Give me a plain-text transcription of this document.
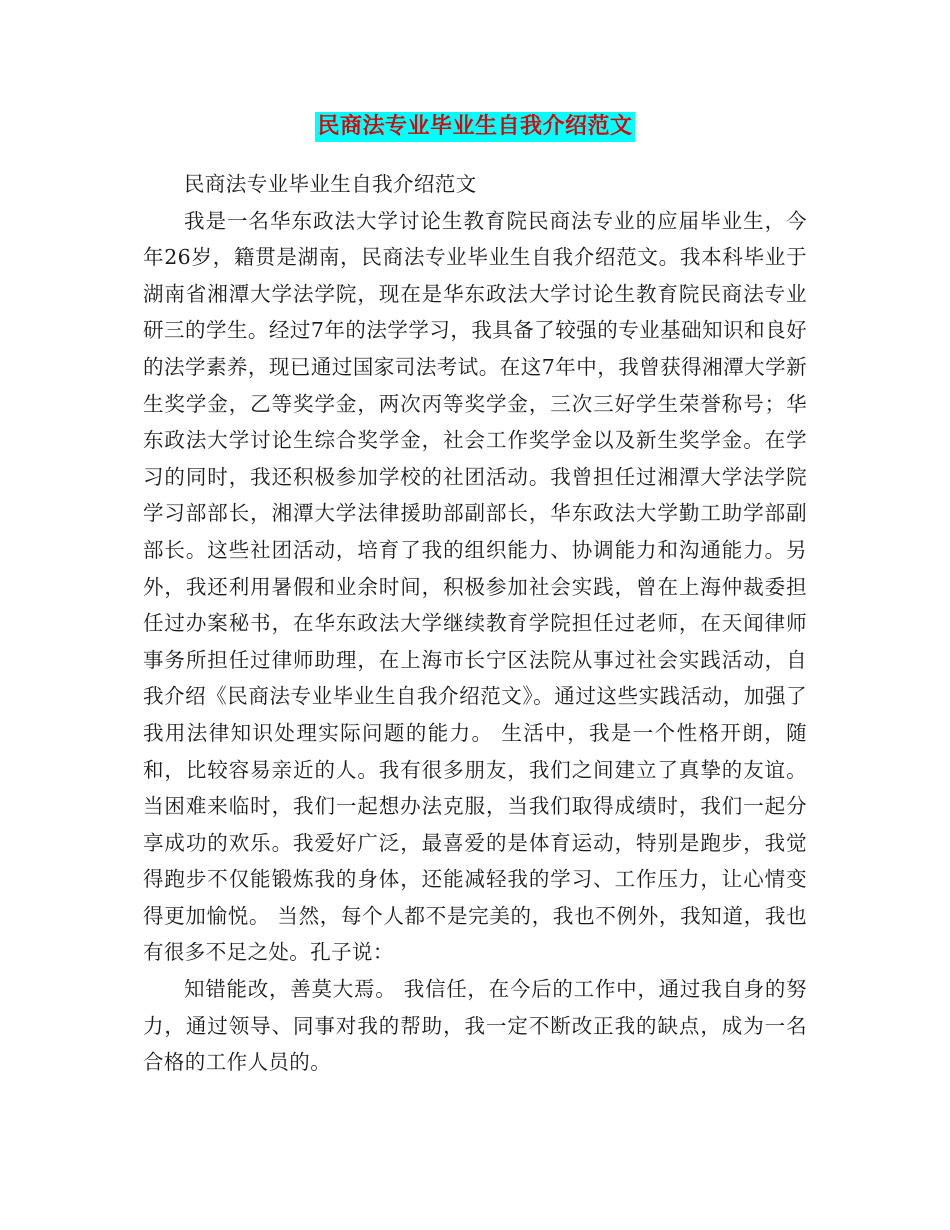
民商法专业毕业生自我介绍范文

民商法专业毕业生自我介绍范文

我是一名华东政法大学讨论生教育院民商法专业的应届毕业生，今年26岁，籍贯是湖南，民商法专业毕业生自我介绍范文。我本科毕业于湖南省湘潭大学法学院，现在是华东政法大学讨论生教育院民商法专业研三的学生。经过7年的法学学习，我具备了较强的专业基础知识和良好的法学素养，现已通过国家司法考试。在这7年中，我曾获得湘潭大学新生奖学金，乙等奖学金，两次丙等奖学金，三次三好学生荣誉称号；华东政法大学讨论生综合奖学金，社会工作奖学金以及新生奖学金。在学习的同时，我还积极参加学校的社团活动。我曾担任过湘潭大学法学院学习部部长，湘潭大学法律援助部副部长，华东政法大学勤工助学部副部长。这些社团活动，培育了我的组织能力、协调能力和沟通能力。另外，我还利用暑假和业余时间，积极参加社会实践，曾在上海仲裁委担任过办案秘书，在华东政法大学继续教育学院担任过老师，在天闻律师事务所担任过律师助理，在上海市长宁区法院从事过社会实践活动，自我介绍《民商法专业毕业生自我介绍范文》。通过这些实践活动，加强了我用法律知识处理实际问题的能力。 生活中，我是一个性格开朗，随和，比较容易亲近的人。我有很多朋友，我们之间建立了真挚的友谊。当困难来临时，我们一起想办法克服，当我们取得成绩时，我们一起分享成功的欢乐。我爱好广泛，最喜爱的是体育运动，特别是跑步，我觉得跑步不仅能锻炼我的身体，还能减轻我的学习、工作压力，让心情变得更加愉悦。 当然，每个人都不是完美的，我也不例外，我知道，我也有很多不足之处。孔子说：

知错能改，善莫大焉。 我信任，在今后的工作中，通过我自身的努力，通过领导、同事对我的帮助，我一定不断改正我的缺点，成为一名合格的工作人员的。
